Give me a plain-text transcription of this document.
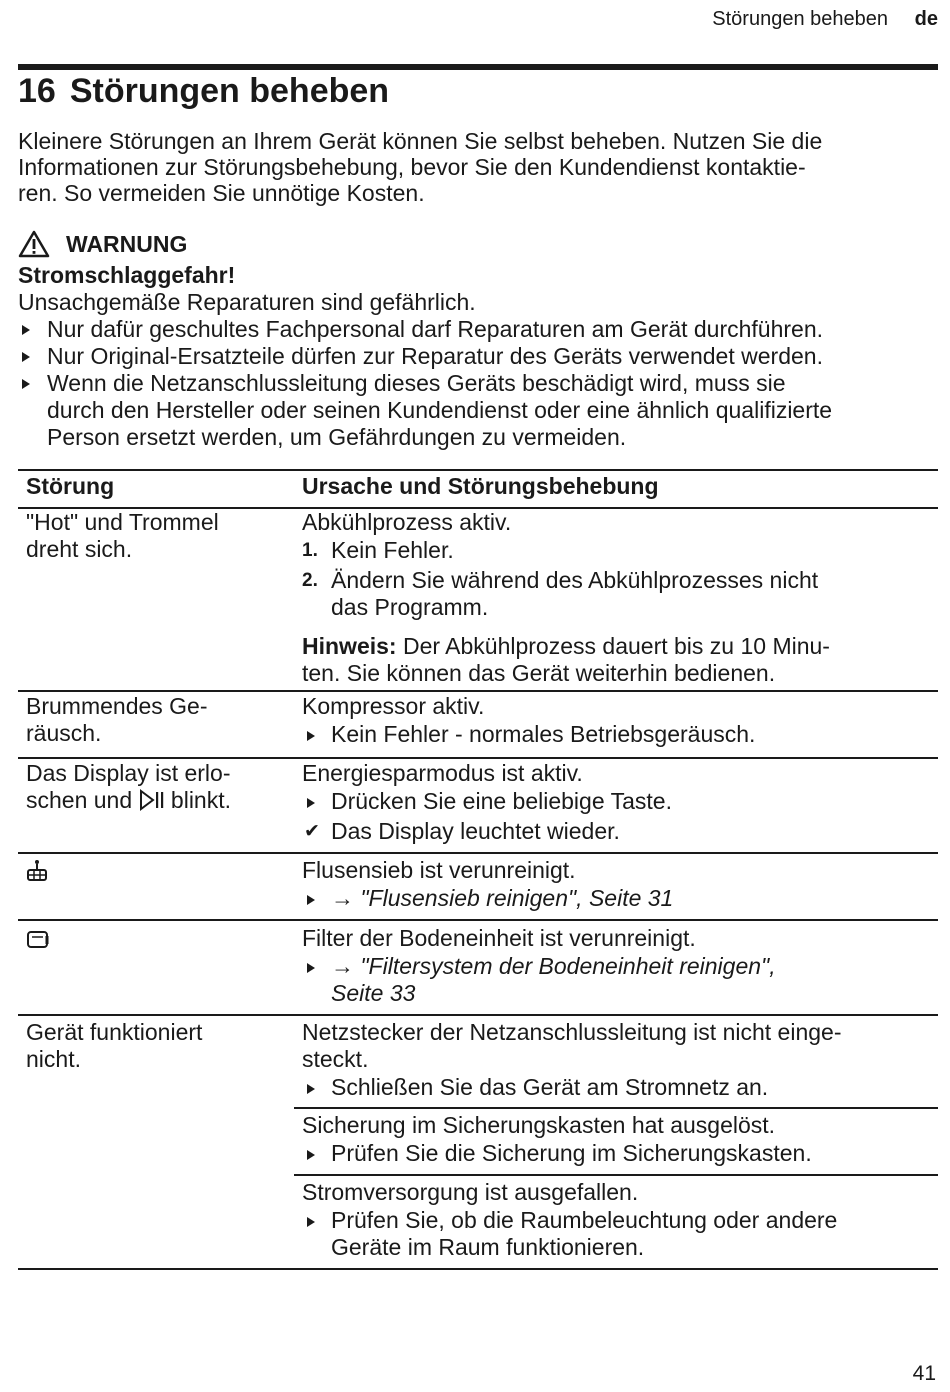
Störungen beheben de
16 Störungen beheben

Kleinere Störungen an Ihrem Gerät können Sie selbst beheben. Nutzen Sie die
Informationen zur Störungsbehebung, bevor Sie den Kundendienst kontaktie-
ren. So vermeiden Sie unnötige Kosten.

WARNUNG
Stromschlaggefahr!
Unsachgemäße Reparaturen sind gefährlich.
Nur dafür geschultes Fachpersonal darf Reparaturen am Gerät durchführen.
Nur Original-Ersatzteile dürfen zur Reparatur des Geräts verwendet werden.
Wenn die Netzanschlussleitung dieses Geräts beschädigt wird, muss sie
durch den Hersteller oder seinen Kundendienst oder eine ähnlich qualifizierte
Person ersetzt werden, um Gefährdungen zu vermeiden.
Störung	Ursache und Störungsbehebung
"Hot" und Trommel
dreht sich.
Abkühlprozess aktiv.
1. Kein Fehler.
2. Ändern Sie während des Abkühlprozesses nicht
das Programm.
Hinweis: Der Abkühlprozess dauert bis zu 10 Minu-
ten. Sie können das Gerät weiterhin bedienen.
Brummendes Ge-
räusch.
Kompressor aktiv.
Kein Fehler - normales Betriebsgeräusch.
Das Display ist erlo-
schen und  blinkt.
Energiesparmodus ist aktiv.
Drücken Sie eine beliebige Taste.
✔ Das Display leuchtet wieder.
Flusensieb ist verunreinigt.
→ "Flusensieb reinigen", Seite 31
Filter der Bodeneinheit ist verunreinigt.
→ "Filtersystem der Bodeneinheit reinigen",
Seite 33
Gerät funktioniert
nicht.
Netzstecker der Netzanschlussleitung ist nicht einge-
steckt.
Schließen Sie das Gerät am Stromnetz an.
Sicherung im Sicherungskasten hat ausgelöst.
Prüfen Sie die Sicherung im Sicherungskasten.
Stromversorgung ist ausgefallen.
Prüfen Sie, ob die Raumbeleuchtung oder andere
Geräte im Raum funktionieren.
41
